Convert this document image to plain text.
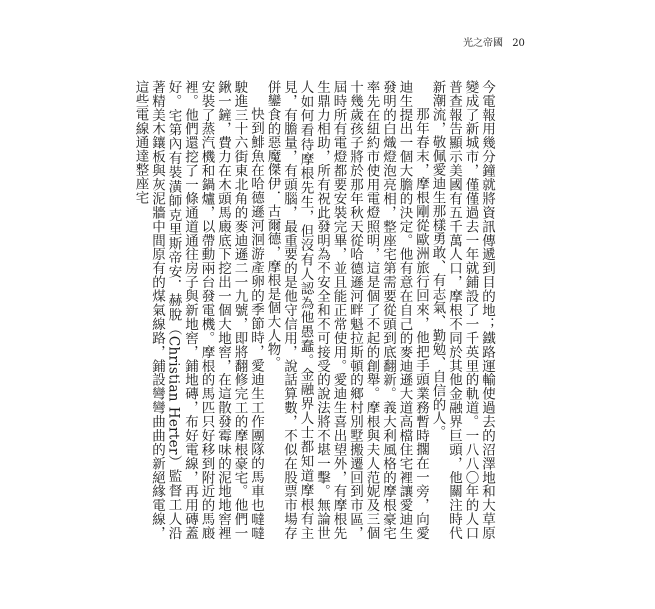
光之帝國 20

今電報用幾分鐘就將資訊傳遞到目的地；鐵路運輸使過去的沼澤地和大草原變成了新城市，僅僅過去一年就鋪設了一千英里的軌道。一八八〇年的人口普查報告顯示美國有五千萬人口，摩根不同於其他金融界巨頭，他關注時代新潮流，敬佩愛迪生那樣勇敢、有志氣、勤勉、自信的人。

那年春末，摩根剛從歐洲旅行回來，他把手頭業務暫時擱在一旁，向愛迪生提出一個大膽的決定。他有意在自己的麥迪遜大道高檔住宅裡讓愛迪生發明的白熾燈泡亮相，整座宅第需要從頭到底翻新。義大利風格的摩根豪宅率先在紐約市使用電燈照明，這是個了不起的創舉。摩根與夫人范妮及三個十幾歲孩子將於那年秋天從哈德遜河畔魁拉斯頓的鄉村別墅搬遷回到市區，屆時所有電燈都要安裝完畢，並且能正常使用。愛迪生喜出望外，有摩根先生鼎力相助，所有祝此發明為不安全和不可接受的說法將不堪一擊。無論世人如何看待摩根先生，但沒有人認為他愚蠢。金融界人士都知道摩根有主見，有膽量，有頭腦，最重要的是他守信用，說話算數，不似在股票市場存併鑾食的惡魔傑伊．古爾德，摩根是個大人物。

快到鯡魚在哈德遜河洄游產卵的季節時，愛迪生工作團隊的馬車也噠噠駛進三十六街東北角的麥迪遜二一九號，即將翻修完工的摩根豪宅。他們一鍬一鏟，費力在木頭馬廄底下挖出一個大地窖，在這散發霉味的泥地地窖裡安裝了蒸汽機和鍋爐，以帶動兩台發電機。摩根的馬匹只好移到附近的馬廄裡。他們還挖了一條通道通往房子與新地窖，鋪地磚，布好電線，再用磚蓋好。宅第內有裝潢師克里斯帝安．赫脫（Christian Herter）監督工人沿著精美木鑲板與灰泥牆中間原有的煤氣線路，鋪設彎彎曲曲的新絕緣電線，這些電線通達整座宅
